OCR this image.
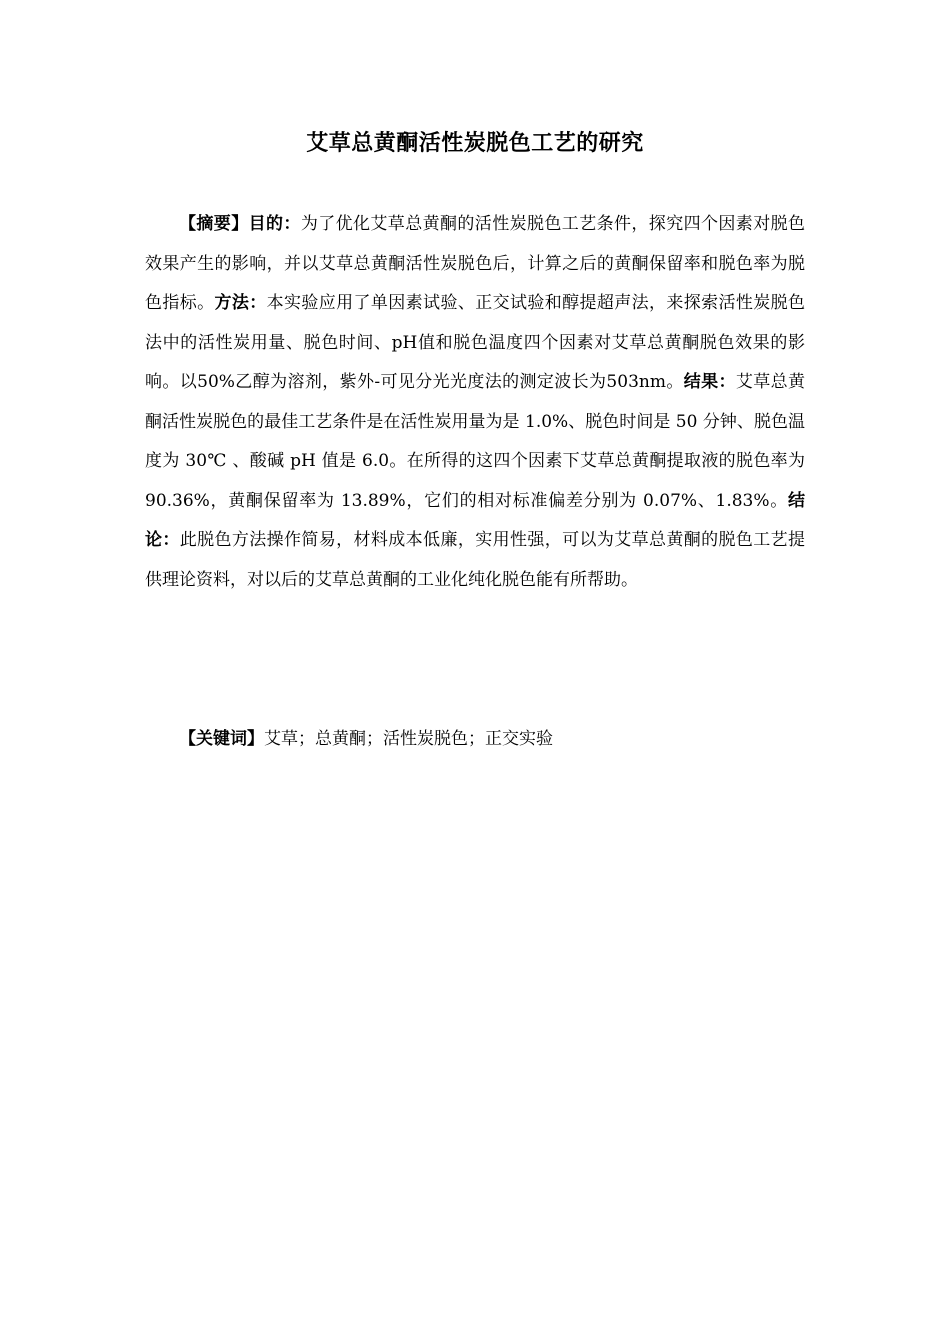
艾草总黄酮活性炭脱色工艺的研究

【摘要】目的：为了优化艾草总黄酮的活性炭脱色工艺条件，探究四个因素对脱色效果产生的影响，并以艾草总黄酮活性炭脱色后，计算之后的黄酮保留率和脱色率为脱色指标。方法：本实验应用了单因素试验、正交试验和醇提超声法，来探索活性炭脱色法中的活性炭用量、脱色时间、pH值和脱色温度四个因素对艾草总黄酮脱色效果的影响。以50%乙醇为溶剂，紫外-可见分光光度法的测定波长为503nm。结果：艾草总黄酮活性炭脱色的最佳工艺条件是在活性炭用量为是 1.0%、脱色时间是 50 分钟、脱色温度为 30℃ 、酸碱 pH 值是 6.0。在所得的这四个因素下艾草总黄酮提取液的脱色率为 90.36%，黄酮保留率为 13.89%，它们的相对标准偏差分别为 0.07%、1.83%。结论：此脱色方法操作简易，材料成本低廉，实用性强，可以为艾草总黄酮的脱色工艺提供理论资料，对以后的艾草总黄酮的工业化纯化脱色能有所帮助。

【关键词】艾草；总黄酮；活性炭脱色；正交实验
